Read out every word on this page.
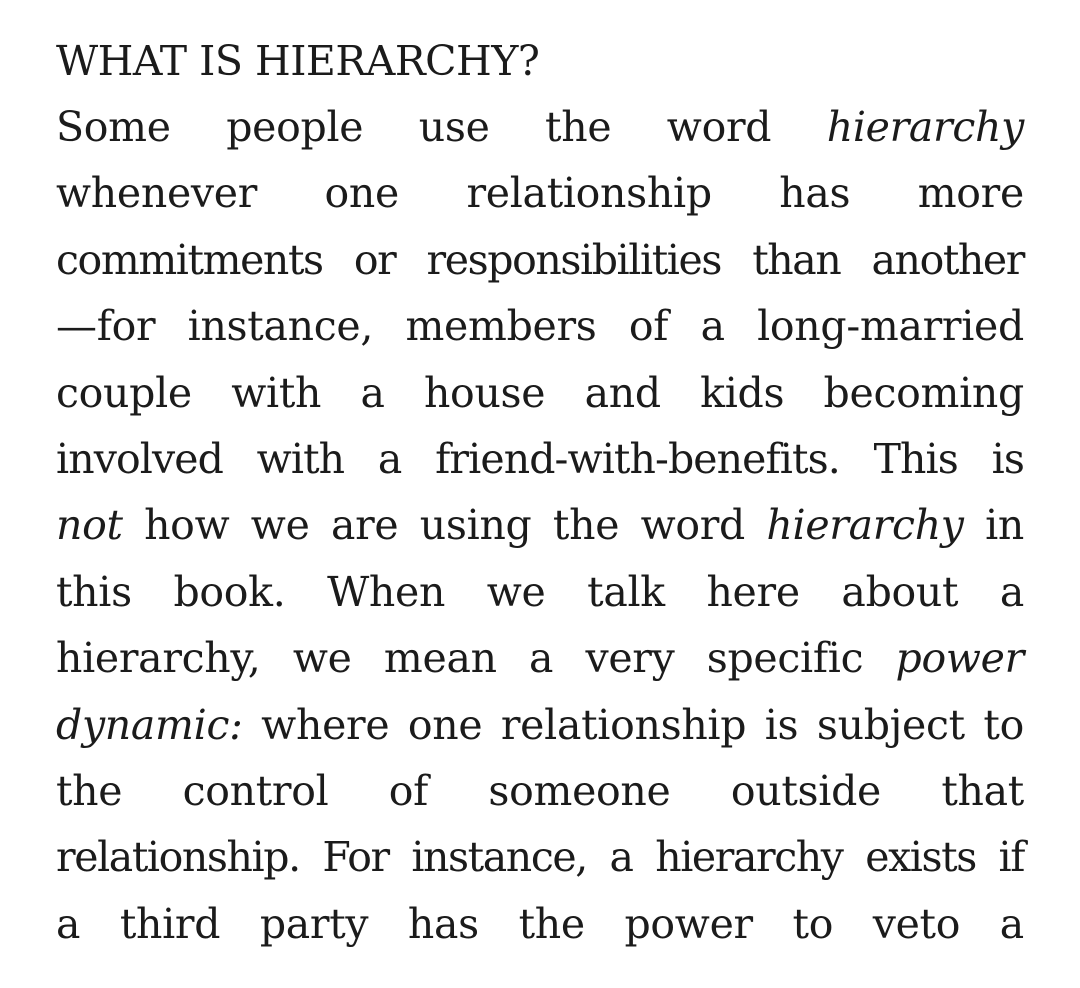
WHAT IS HIERARCHY?
Some people use the word hierarchy
whenever one relationship has more
commitments or responsibilities than another
—for instance, members of a long-married
couple with a house and kids becoming
involved with a friend-with-benefits. This is
not how we are using the word hierarchy in
this book. When we talk here about a
hierarchy, we mean a very specific power
dynamic: where one relationship is subject to
the control of someone outside that
relationship. For instance, a hierarchy exists if
a third party has the power to veto a
